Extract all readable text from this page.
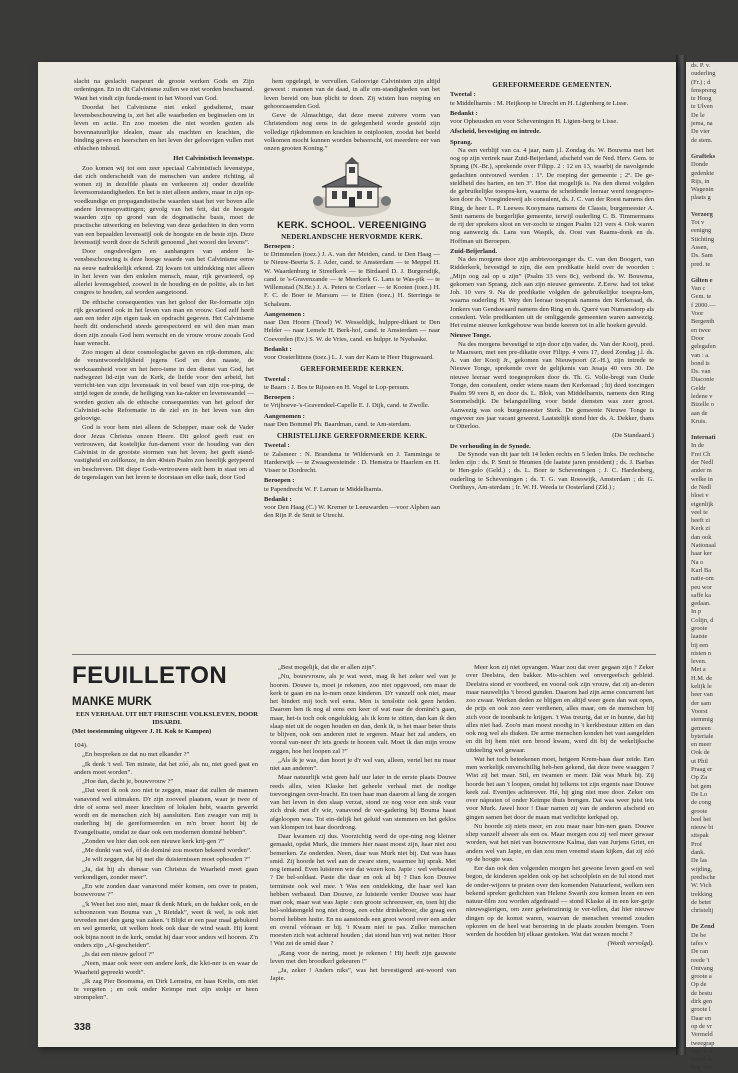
slacht na geslacht naspeurt de groote werken Gods en Zijn ordeningen. En in dit Calvinisme zullen we niet worden beschaamd. Want het vindt zijn funda-ment in het Woord van God.

Doordat het Calvinisme niet enkel godsdienst, maar levensbeschouwing is, zet het alle waarheden en beginselen om in leven en actie. En zoo moeten die niet worden gezien als bovennatuurlijke idealen, maar als machten en krachten, die binding geven en heerschen en het leven der geloovigen vullen met ethischen inhoud.

Het Calvinistisch levenstype.

Zoo komen wij tot een zeer speciaal Calvinistisch levenstype, dat zich onderscheidt van de menschen van andere richting, al wonen zij in dezelfde plaats en verkeeren zij onder dezelfde levensomstandigheden. En het is niet alleen anders, maar in zijn op-voedkundige en propagandistische waarden staat het ver boven alle andere levensopvattingen; gevolg van het feit, dat de hoogste waarden zijn op grond van de dogmatische basis, moet de practische uitwerking en beleving van deze gedachten in den vorm van een bepaalden levensstijl ook de hoogste en de beste zijn. Deze levensstijl wordt door de Schrift genoemd „het woord des levens”.

Door ongodsvolgen en aanhangers van andere le-vensbeschouwing is deze hooge waarde van het Calvinisme eenw na eeuw nadrukkelijk erkend. Zij kwam tot uitdrukking niet alleen in het leven van den enkelen mensch, maar, rijk gevarieerd, op allerlei levensgebied, zoowel in de houding en de politie, als in het congres te houden, zal worden aangetoond.

De ethische consequenties van het geloof der Re-formatie zijn rijk gevarieerd ook in het leven van man en vrouw. God zelf heeft aan een ieder zijn eigen taak en opdracht gegeven. Het Calvinisme heeft dit onderscheid steeds gerespecteerd en wil den man man doen zijn zooals God hem wenscht en de vrouw vrouw zooals God haar wenscht.

Zoo mogen al deze cosmologische gaven en rijk-dommen, als: de verantwoordelijkheid jegens God en den naaste, de werkzaamheid voor en het hero-isme in den dienst van God, het nadwgezet lid-zijn van de Kerk, de liefde voor den arbeid, het verricht-ten van zijn levenstaak in vol besef van zijn roe-ping, de strijd tegen de zonde, de heiliging van ka-rakter en levenswandel — worden gezien als de ethische consequenties van het geloof der Calvinisti-sche Reformatie in de ziel en in het leven van den geloovige.

God is voor hem niet alleen de Schepper, maar ook de Vader door Jezus Christus onzen Heere. Dit geloof geeft rust en vertrouwen, dat kostelijke fun-dament voor de houding van den Calvinist in de grootste stormen van het leven; het geeft stand-vastigheid en zelfkeuze, in den 40sten Psalm zoo heerlijk getypeerd en beschreven. Dit diepe Gods-vertrouwen stelt hem in staat om al de tegenslagen van het leven te doorstaan en elke taak, door God

hem opgelegd, te vervullen. Geloovige Calvinisten zijn altijd geweest : mannen van de daad, in alle om-standigheden van het leven bereid om hun plicht te doen. Zij wisten hun roeping en gehoorzaamden God.

Geve de Almachtige, dat deze meest zuivere vorm van Christendom nog eens in de gelegenheid worde gesteld zijn volledige rijkdommen en krachten te ontplooien, zoodat het beeld volkomen mocht kunnen worden beheerscht, tot meerdere eer van onzen grooten Koning.”

KERK. SCHOOL. VEREENIGING
NEDERLANDSCHE HERVORMDE KERK.
Beroepen :

te Drimmelen (toez.) J. A. van der Meiden, cand. te Den Haag — te Nieuw-Beerta S. J. Ader, cand. te Amsterdam — te Meppel H. W. Waardenburg te Streefkerk — te Birdaard D. J. Burgersdijk, cand. te 's-Gravenzande — te Meerkerk G. Lans te Was-pik — te Willemstad (N.Br.) J. A. Peters te Corlaer — te Kooten (toez.) H. F. C. de Boer te Marsum — te Etten (toez.) H. Sterringa te Schalsum.

Aangenomen :

naar Den Hoorn (Texel) W. Wesseldijk, hulppre-dikant te Den Helder — naar Lemele H. Berk-hof, cand. te Amsterdam — naar Coevorden (Ev.) S. W. de Vries, cand. en hulppr. te Nyehaske.

Bedankt :

voor Oosterlittens (toez.) L. J. van der Kam te Heer Hugowaard.

GEREFORMEERDE KERKEN.
Tweetal :

te Baarn : J. Bos te Rijssen en H. Vogel te Lop-persum.

Beroepen :

te Vrijhoeve-'s-Gravendeel-Capelle E. J. Dijk, cand. te Zwolle.

Aangenomen :

naar Den Bommel Ph. Baardman, cand. te Am-sterdam.

CHRISTELIJKE GEREFORMEERDE KERK.
Tweetal :

te Zalsmeer : N. Brandsma te Wildervank en J. Tamminga te Harderwijk — te Zwaagwesteinde : D. Hemstra te Haarlem en H. Visser te Dordrecht.

Beroepen :

te Papendrecht W. F. Laman te Middelharnis.

Bedankt :

voor Den Haag (C.) W. Kremer te Leeuwarden —voor Alphen aan den Rijn P. de Smit te Utrecht.

GEREFORMEERDE GEMEENTEN.
Tweetal :

te Middelharnis : M. Heijkoop te Utrecht en H. Ligtenberg te Lisse.

Bedankt :

voor Opheusden en voor Scheveningen H. Ligten-berg te Lisse.

Afscheid, bevestiging en intrede.
Sprang.

Na een verblijf van ca. 4 jaar, nam j.l. Zondag ds. W. Bouwma met het oog op zijn vertrek naar Zuid-Beijerland, afscheid van de Ned. Herv. Gem. te Sprang (N.-Br.), sprekende over Filipp. 2 : 12 en 13, waarbij de navolgende gedachten ontvouwd werden : 1º. De roeping der gemeente ; 2º. De ge-steldheid des harten, en ten 3º. Hoe dat mogelijk is. Na den dienst volgden de gebruikelijke toespra-ken, waarna de scheidende leeraar werd toegespro-ken door ds. Vroegindeweij als consulent, ds. J. C. van der Roest namens den Ring, de heer L. P. Leewes Kooymans namens de Classis, burgemeester A. Smit namens de burgerlijke gemeente, terwijl ouderling C. B. Timmermans de rij der sprekers sloot en ver-zocht te zingen Psalm 121 vers 4. Ook waren nog aanwezig ds. Lans van Waspik, ds. Oost van Raams-donk en ds. Hoffman uit Beroepen.

Zuid-Beijerland.

Na des morgens door zijn ambtsvoorganger ds. C. van den Boogert, van Ridderkerk, bevestigd te zijn, die een predikatie hield over de woorden : „Mijn oog zal op u zijn” (Psalm 33 vers 8c), verbond ds. W. Bouwma, gekomen van Sprang, zich aan zijn nieuwe gemeente. Z.Eerw. had tot tekst Joh. 10 vers 9. Na de predikatie volgden de gebruikelijke toespra-ken, waarna ouderling H. Wey den leeraar toesprak namens den Kerkeraad, ds. Jonkers van Gendswaard namens den Ring en ds. Queré van Numansdorp als consulent. Vele predikanten uit de omliggende gemeenten waren aanwezig. Het ruime nieuwe kerkgebouw was beide keeren tot in alle hoeken gevuld.

Nieuwe Tonge.

Na des morgens bevestigd te zijn door zijn vader, ds. Van der Kooij, pred. te Maarssen, met een pre-dikatie over Filipp. 4 vers 17, deed Zondag j.l. ds. A. van der Kooij Jr., gekomen van Nieuwpoort (Z.-H.), zijn intrede te Nieuwe Tonge, sprekende over de gelijkenis van Jesaja 40 vers 30. De nieuwe leeraar werd toegesproken door ds. Th. G. Volle-bregt van Oude Tonge, den consulent, onder wiens naam den Kerkeraad ; hij deed toezingen Psalm 99 vers 8, en door ds. L. Blok, van Middelharnis, namens den Ring Sommelsdijk. De belangstelling voor beide diensten was zeer groot. Aanwezig was ook burgemeester Sterk. De gemeente Nieuwe Tonge is ongeveer zes jaar vacant geweest. Laatstelijk stond hier ds. A. Dekker, thans te Otterloo.

(De Standaard.)
De verhouding in de Synode.

De Synode van dit jaar telt 14 leden rechts en 5 leden links. De rechtsche leden zijn : ds. P. Smit te Heumen (de laatste jaren president) ; ds. J. Barbas te Hen-gelo (Geld.) ; ds. L. Boer te Scheveningen ; J. C. Hardenberg, ouderling te Scheveningen ; ds. T. G. van Roeswijk, Amsterdam ; dr. G. Oorthuys, Am-sterdam ; Ir. W. H. Weeda te Oosterland (Zld.) ;

FEUILLETON
MANKE MURK
EEN VERHAAL UIT HET FRIESCHE VOLKSLEVEN, DOOR IDSARDI.
(Met toestemming uitgever J. H. Kok te Kampen)

104).

„En bespreken ze dat nu met elkander ?”

„Ik denk 't wel. Ten minste, dat het zóó, als nu, niet goed gaat en anders moet worden”.

„Hoe dan, dacht je, bouwvrouw ?”

„Dat weet ik ook zoo niet te zeggen, maar dat zullen de mannen vanavond wel uitmaken. D'r zijn zooveel plaatsen, waar je twee of drie of soms wel meer knechten of lokalen hebt, waarin gewerkt wordt en de menschen zich bij aansluiten. Een zwager van mij is ouderling bij de gereformeerden en m'n broer hoort bij de Evangelisatie, omdat ze daar ook een modernen dominé hebben”.

„Zonden we hier dan ook een nieuwe kerk krij-gen ?”

„Me dunkt van wel, óf de dominé zou moeten bekeerd worden”.

„Je wilt zeggen, dat hij met die duisternissen moet ophouden ?”

„Ja, dat hij als dienaar van Christus de Waarheid moet gaan verkondigen, zonder meer”.

„En wie zonden daar vanavond méér komen, om over te praten, bouwvrouw ?”

„'k Weet het zoo niet, maar ik denk Murk, en de bakker ook, en de schoonzoon van Bouma van „'t Rietdak”, weet ik wel, is ook niet tevreden met den gang van zaken. 't Blijkt er een paar maal gebukerd en wel gemerkt, uit welken hoek ook daar de wind waait. Hij komt ook bijna nooit in de kerk, omdat hij daar voor anders wil hooren. Z'n onders zijn „Af-gescheiden”.

„Is dat een nieuw geloof ?”

„Neen, maar ook weer een andere kerk, die klei-ner is en waar de Waarheid gepreekt wordt”.

„Ik zag Pier Boomsma, en Dirk Lemstra, en haas Krelis, om niet te vergeten ; en ook onder Keimpe met zijn stokje er heen strompelen”.

„Best mogelijk, dat die er allen zijn”.

„Nu, bouwvrouw, als je wat weet, mag ik het zeker wel van je hooren. Douwe is, moet je rekenen, zoo niet opgevoed, om maar de kerk te gaan en na lo-men onze kinderen. D'r vanzelf ook niet, maar het hindert mij toch wel eens. Men is tenslotte ook geen heiden. Daarom ben ik nog al eens een keer of wat naar de dominé’s gaan, maar, het-is toch ook ongelukkig, als ik kom te zitten, dan kan ik den slaap niet uit de oogen houden en dan, denk ik, is het maar beter thuis te blijven, ook om anderen niet te ergeren. Maar het zal anders, en vooral van-neer d'r iets goeds te hooren valt. Moet ik dan mijn vrouw zeggen, hoe het loopen zal ?”

„Als ik je was, dan hoort je d'r wel van, alleen, vertel het nu maar niet aan anderen”.

Maar natuurlijk wist geen half uur later in de eerste plaats Douwe reeds alles, wien Klaske het geheele verhaal met de nodige toevoegingen over-bracht. En toen haar man daarom al lang de zorgen van het leven in den slaap verzat, stond ze nog voor een stuk vuur zich druk met d'r wie, vanavond de ver-gadering bij Bouma haast afgeloopen was. Tot ein-delijk het geluid van stemmen en het geklos van klompen tot haar doordrong.

Daar kwamen zij dus. Voorzichtig werd de ope-ning nog kleiner gemaakt, opdat Murk, die immers hier naast moest zijn, haar niet zou bemerken. Ze onderden. Neen, daar was Murk niet bij. Dat was haas smid. Zij hoorde het wel aan de zware stem, waarmee hij sprak. Met nog iemand. Even luisteren wie dat wezen kon. Japie : wel verbazend ? De bel-soldaat. Paste die daar en ook al bij ? Dan kon Douwe terminste ook wel mee. 't Was een ontdekking, die haar wel kan hebben verbaasd. Dan Douwe, ze luisterde verder Douwe was haar man ook, maar wat was Japie : een groote schreeuwer, en, toen hij die bel-soldatengeld nog niet droeg, een echte drinkebroer, die graag een borrel hebben lustte. En nu aanstonds een groot woord over een ander en overal vóóraan er bij. 't Kwam niet te pas. Zulke menschen moesten zich wat achteraf houden ; dat stond hun vrij wat netter. Hoor ! Wat zei de smid daar ?

„Rang voor de nering, moet je rekenen ! Hij heeft zijn gauwste leven met den broodkerl gekeuren !”

„Ja, zeker ! Anders niks”, was het bevestigend ant-woord van Japie.

Meer kon zij niet opvangen. Waar zou dat over gegaan zijn ? Zeker over Deelstra, den bakker. Mis-schien wel onvergeefsch gebleid. Deelstra stond er voorbeed, en vooral ook zijn vrouw, dat zij an-deren maar nauwelijks 't brood gunden. Daarom had zijn arme concurrent het zoo zwaar. Werken deden ze blijgen en altijd weer geen dan wat open, de prijs en ook zoo zeer verdienen, alles maar, om de menschen bij zich voor de toonbank te krijgen. 't Was treurig, dat er in hunne, dat hij alles niet had. Zoo'n man moest noodig in 't kerkbestuur zitten en dan ook nog wel als diaken. De arme menschen konden het vast aangelden en dit bij hem niet een brood kwam, werd dit bij de wekelijksche uitdeeling wel gewaar.

Wat het toch beteekenen moet, hetgeen Krem-haas daar zeide. Een men werkelijk onverschillig heb-ben gekend, dat deze twee waaggen ? Wist zij het maar. Stil, en twamen er meer. Dát was Murk bij. Zij hoorde het aan 't loopen, omdat hij telkens tot zijn ergenis naar Douwe keek zal. Eventjes achterover. Hé, hij ging niet mee door. Zeker om over nápraten of onder Keimpe thuis brengen. Dat was weer juist iets voor Murk. Jawel hoor ! Daar namen zij van de anderen afscheid en gingen samen het door de maan mat verlichte kerkpad op.

Nu hoorde zij niets meer, en zou maar naar bin-nen gaan. Douwe sliep vanzelf alweer als een os. Maar morgen zou zij wel meer gewaar worden, wat het niet van bouwvrouw Kalma, dan van Jurjens Griet, en anders wel van Japie, en dan zou men vreemd staan kijken, dat zij zóó op de hoogte was.

Eer dan ook den volgenden morgen het gewone leven goed en wel begon, de kinderen spelden ook op het schoolplein en de Iul stond met de onder-wijzers te praten over den komenden Natuurfeest, welken een bekend spreker gedichten van Helene Swarth zou komen lezen en een natuur-film zou worden afgedraaid — stond Klaske al in een ker-getje nieuwsgierigen, om zeer geheimzinnig te ver-tellen, dat hier nieuwe dingen op de komst waren, waarvan de menschen vreemd zouden opkoren en de heel wat beroering in de plaats zouden brengen. Toen werden de hoofden bij elkaar gestoken. Wat dat wezen mocht ?

(Wordt vervolgd).
338
ds. P. v.
ouderling
(Fr.) ; d
fenspreng
te Hoog
te Ulven
De le
jema, na
De vier
de stem.
Grafteks
Donde
gedenkte
Rijs, in
Wagenin
plaats g
Verzorg
Tot v
eenigng
Stichting
Assen,
Ds. Sam
pred. te
Gilten e
Van c
Gem. te
f 2000.—
Voor
Bergenth
en twee
Door
gelegafen
van : a.
bond is
Ds. van
Diaconie
Geldr
ledene v
Bizelle o
aan de
Kruis.
Internati
In de
Frei Ch
der Nedl
ander m
welke in
de Nedl
bloei v
eigenlijk
veel te
heeft zi
Kerk zi
dan ook
Nationaal
haar ker
Na o
Karl Ba
natie-om
peu wor
saffe ka
gedaan.
In p
Colijn, d
groote
laatste
bij een
nisten n
leven.
Met a
H.M. de
kelijk le
heer van
der sam
Voorst
stemmig
gemeen
byteriale
en meer
Ook de
ut Phil
Praag er
Op Za
het gem
De Lo
de cong
groote
heel het
nieuw bi
sitspak
Prof
dank.
De las
wijding,
predische
W. Vich
trekking
de betet
christelij
De Zend
De be
tafes v
De ran
reede 't
Ontvang
groote a
Op de
de bestu
dirk gen
groote l
Daar en
op de vr
Vermeld
tweegrap
nigens d
heerd de
ling voo
